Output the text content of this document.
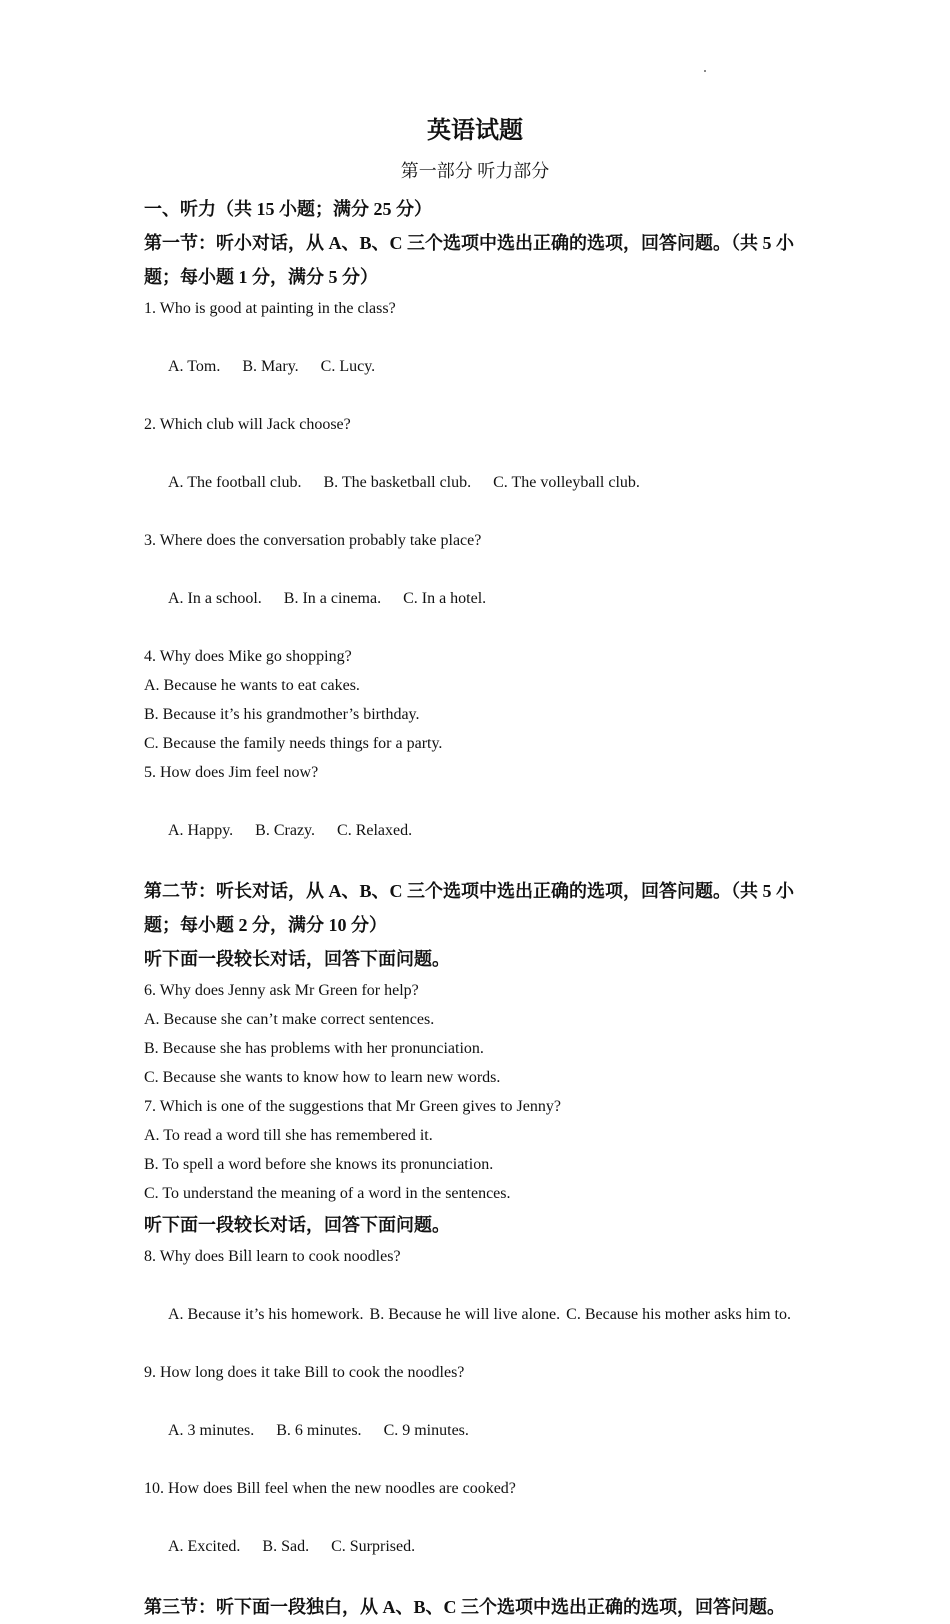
英语试题
第一部分 听力部分

一、听力（共 15 小题；满分 25 分）

第一节：听小对话，从 A、B、C 三个选项中选出正确的选项，回答问题。（共 5 小题；每小题 1 分，满分 5 分）

1. Who is good at painting in the class?

A. Tom. B. Mary. C. Lucy.

2. Which club will Jack choose?

A. The football club. B. The basketball club. C. The volleyball club.

3. Where does the conversation probably take place?

A. In a school. B. In a cinema. C. In a hotel.

4. Why does Mike go shopping?

A. Because he wants to eat cakes.

B. Because it’s his grandmother’s birthday.

C. Because the family needs things for a party.

5. How does Jim feel now?

A. Happy. B. Crazy. C. Relaxed.

第二节：听长对话，从 A、B、C 三个选项中选出正确的选项，回答问题。（共 5 小题；每小题 2 分，满分 10 分）

听下面一段较长对话，回答下面问题。

6. Why does Jenny ask Mr Green for help?

A. Because she can’t make correct sentences.

B. Because she has problems with her pronunciation.

C. Because she wants to know how to learn new words.

7. Which is one of the suggestions that Mr Green gives to Jenny?

A. To read a word till she has remembered it.

B. To spell a word before she knows its pronunciation.

C. To understand the meaning of a word in the sentences.

听下面一段较长对话，回答下面问题。

8. Why does Bill learn to cook noodles?

A. Because it’s his homework. B. Because he will live alone. C. Because his mother asks him to.

9. How long does it take Bill to cook the noodles?

A. 3 minutes. B. 6 minutes. C. 9 minutes.

10. How does Bill feel when the new noodles are cooked?

A. Excited. B. Sad. C. Surprised.

第三节：听下面一段独白，从 A、B、C 三个选项中选出正确的选项，回答问题。
